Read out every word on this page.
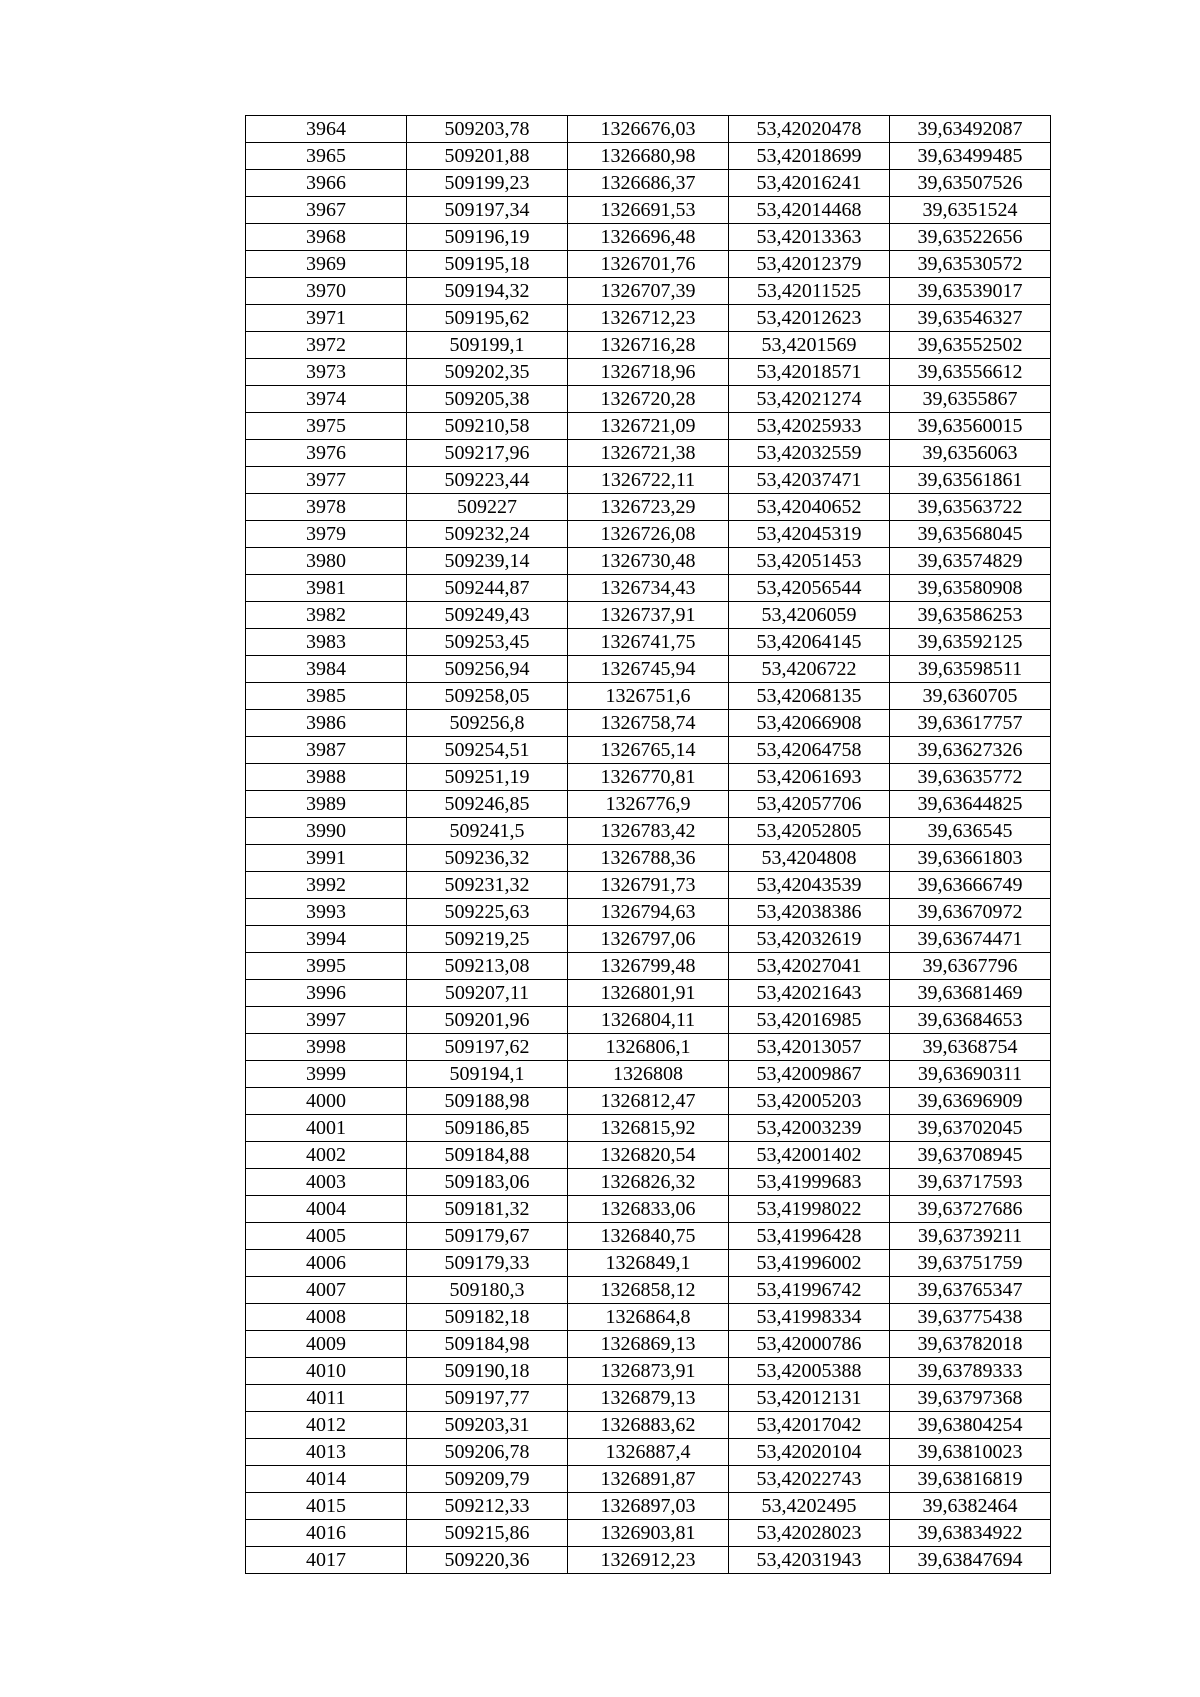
3964	509203,78	1326676,03	53,42020478	39,63492087
3965	509201,88	1326680,98	53,42018699	39,63499485
3966	509199,23	1326686,37	53,42016241	39,63507526
3967	509197,34	1326691,53	53,42014468	39,6351524
3968	509196,19	1326696,48	53,42013363	39,63522656
3969	509195,18	1326701,76	53,42012379	39,63530572
3970	509194,32	1326707,39	53,42011525	39,63539017
3971	509195,62	1326712,23	53,42012623	39,63546327
3972	509199,1	1326716,28	53,4201569	39,63552502
3973	509202,35	1326718,96	53,42018571	39,63556612
3974	509205,38	1326720,28	53,42021274	39,6355867
3975	509210,58	1326721,09	53,42025933	39,63560015
3976	509217,96	1326721,38	53,42032559	39,6356063
3977	509223,44	1326722,11	53,42037471	39,63561861
3978	509227	1326723,29	53,42040652	39,63563722
3979	509232,24	1326726,08	53,42045319	39,63568045
3980	509239,14	1326730,48	53,42051453	39,63574829
3981	509244,87	1326734,43	53,42056544	39,63580908
3982	509249,43	1326737,91	53,4206059	39,63586253
3983	509253,45	1326741,75	53,42064145	39,63592125
3984	509256,94	1326745,94	53,4206722	39,63598511
3985	509258,05	1326751,6	53,42068135	39,6360705
3986	509256,8	1326758,74	53,42066908	39,63617757
3987	509254,51	1326765,14	53,42064758	39,63627326
3988	509251,19	1326770,81	53,42061693	39,63635772
3989	509246,85	1326776,9	53,42057706	39,63644825
3990	509241,5	1326783,42	53,42052805	39,636545
3991	509236,32	1326788,36	53,4204808	39,63661803
3992	509231,32	1326791,73	53,42043539	39,63666749
3993	509225,63	1326794,63	53,42038386	39,63670972
3994	509219,25	1326797,06	53,42032619	39,63674471
3995	509213,08	1326799,48	53,42027041	39,6367796
3996	509207,11	1326801,91	53,42021643	39,63681469
3997	509201,96	1326804,11	53,42016985	39,63684653
3998	509197,62	1326806,1	53,42013057	39,6368754
3999	509194,1	1326808	53,42009867	39,63690311
4000	509188,98	1326812,47	53,42005203	39,63696909
4001	509186,85	1326815,92	53,42003239	39,63702045
4002	509184,88	1326820,54	53,42001402	39,63708945
4003	509183,06	1326826,32	53,41999683	39,63717593
4004	509181,32	1326833,06	53,41998022	39,63727686
4005	509179,67	1326840,75	53,41996428	39,63739211
4006	509179,33	1326849,1	53,41996002	39,63751759
4007	509180,3	1326858,12	53,41996742	39,63765347
4008	509182,18	1326864,8	53,41998334	39,63775438
4009	509184,98	1326869,13	53,42000786	39,63782018
4010	509190,18	1326873,91	53,42005388	39,63789333
4011	509197,77	1326879,13	53,42012131	39,63797368
4012	509203,31	1326883,62	53,42017042	39,63804254
4013	509206,78	1326887,4	53,42020104	39,63810023
4014	509209,79	1326891,87	53,42022743	39,63816819
4015	509212,33	1326897,03	53,4202495	39,6382464
4016	509215,86	1326903,81	53,42028023	39,63834922
4017	509220,36	1326912,23	53,42031943	39,63847694
